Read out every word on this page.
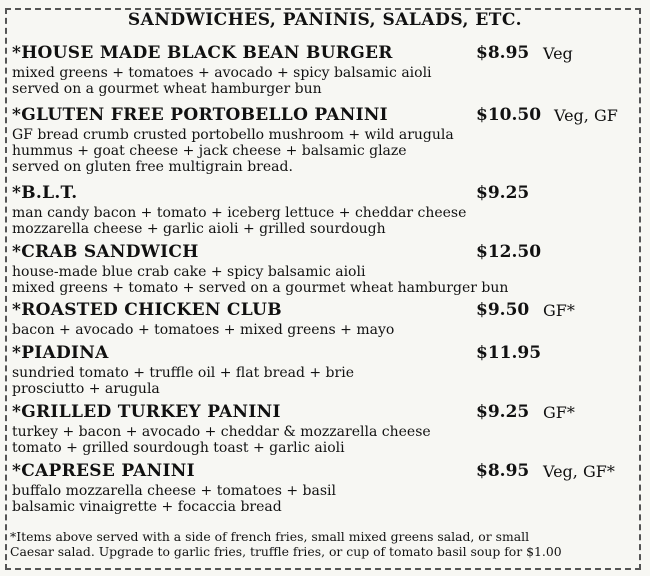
SANDWICHES, PANINIS, SALADS, ETC.
*HOUSE MADE BLACK BEAN BURGER	$8.95 Veg

mixed greens + tomatoes + avocado + spicy balsamic aioli

served on a gourmet wheat hamburger bun

*GLUTEN FREE PORTOBELLO PANINI	$10.50 Veg, GF

GF bread crumb crusted portobello mushroom + wild arugula

hummus + goat cheese + jack cheese + balsamic glaze

served on gluten free multigrain bread.

*B.L.T.	$9.25

man candy bacon + tomato + iceberg lettuce + cheddar cheese

mozzarella cheese + garlic aioli + grilled sourdough

*CRAB SANDWICH	$12.50

house-made blue crab cake + spicy balsamic aioli

mixed greens + tomato + served on a gourmet wheat hamburger bun

*ROASTED CHICKEN CLUB	$9.50 GF*

bacon + avocado + tomatoes + mixed greens + mayo

*PIADINA	$11.95

sundried tomato + truffle oil + flat bread + brie

prosciutto + arugula

*GRILLED TURKEY PANINI	$9.25 GF*

turkey + bacon + avocado + cheddar & mozzarella cheese

tomato + grilled sourdough toast + garlic aioli

*CAPRESE PANINI	$8.95 Veg, GF*

buffalo mozzarella cheese + tomatoes + basil

balsamic vinaigrette + focaccia bread

*Items above served with a side of french fries, small mixed greens salad, or small
Caesar salad. Upgrade to garlic fries, truffle fries, or cup of tomato basil soup for $1.00
